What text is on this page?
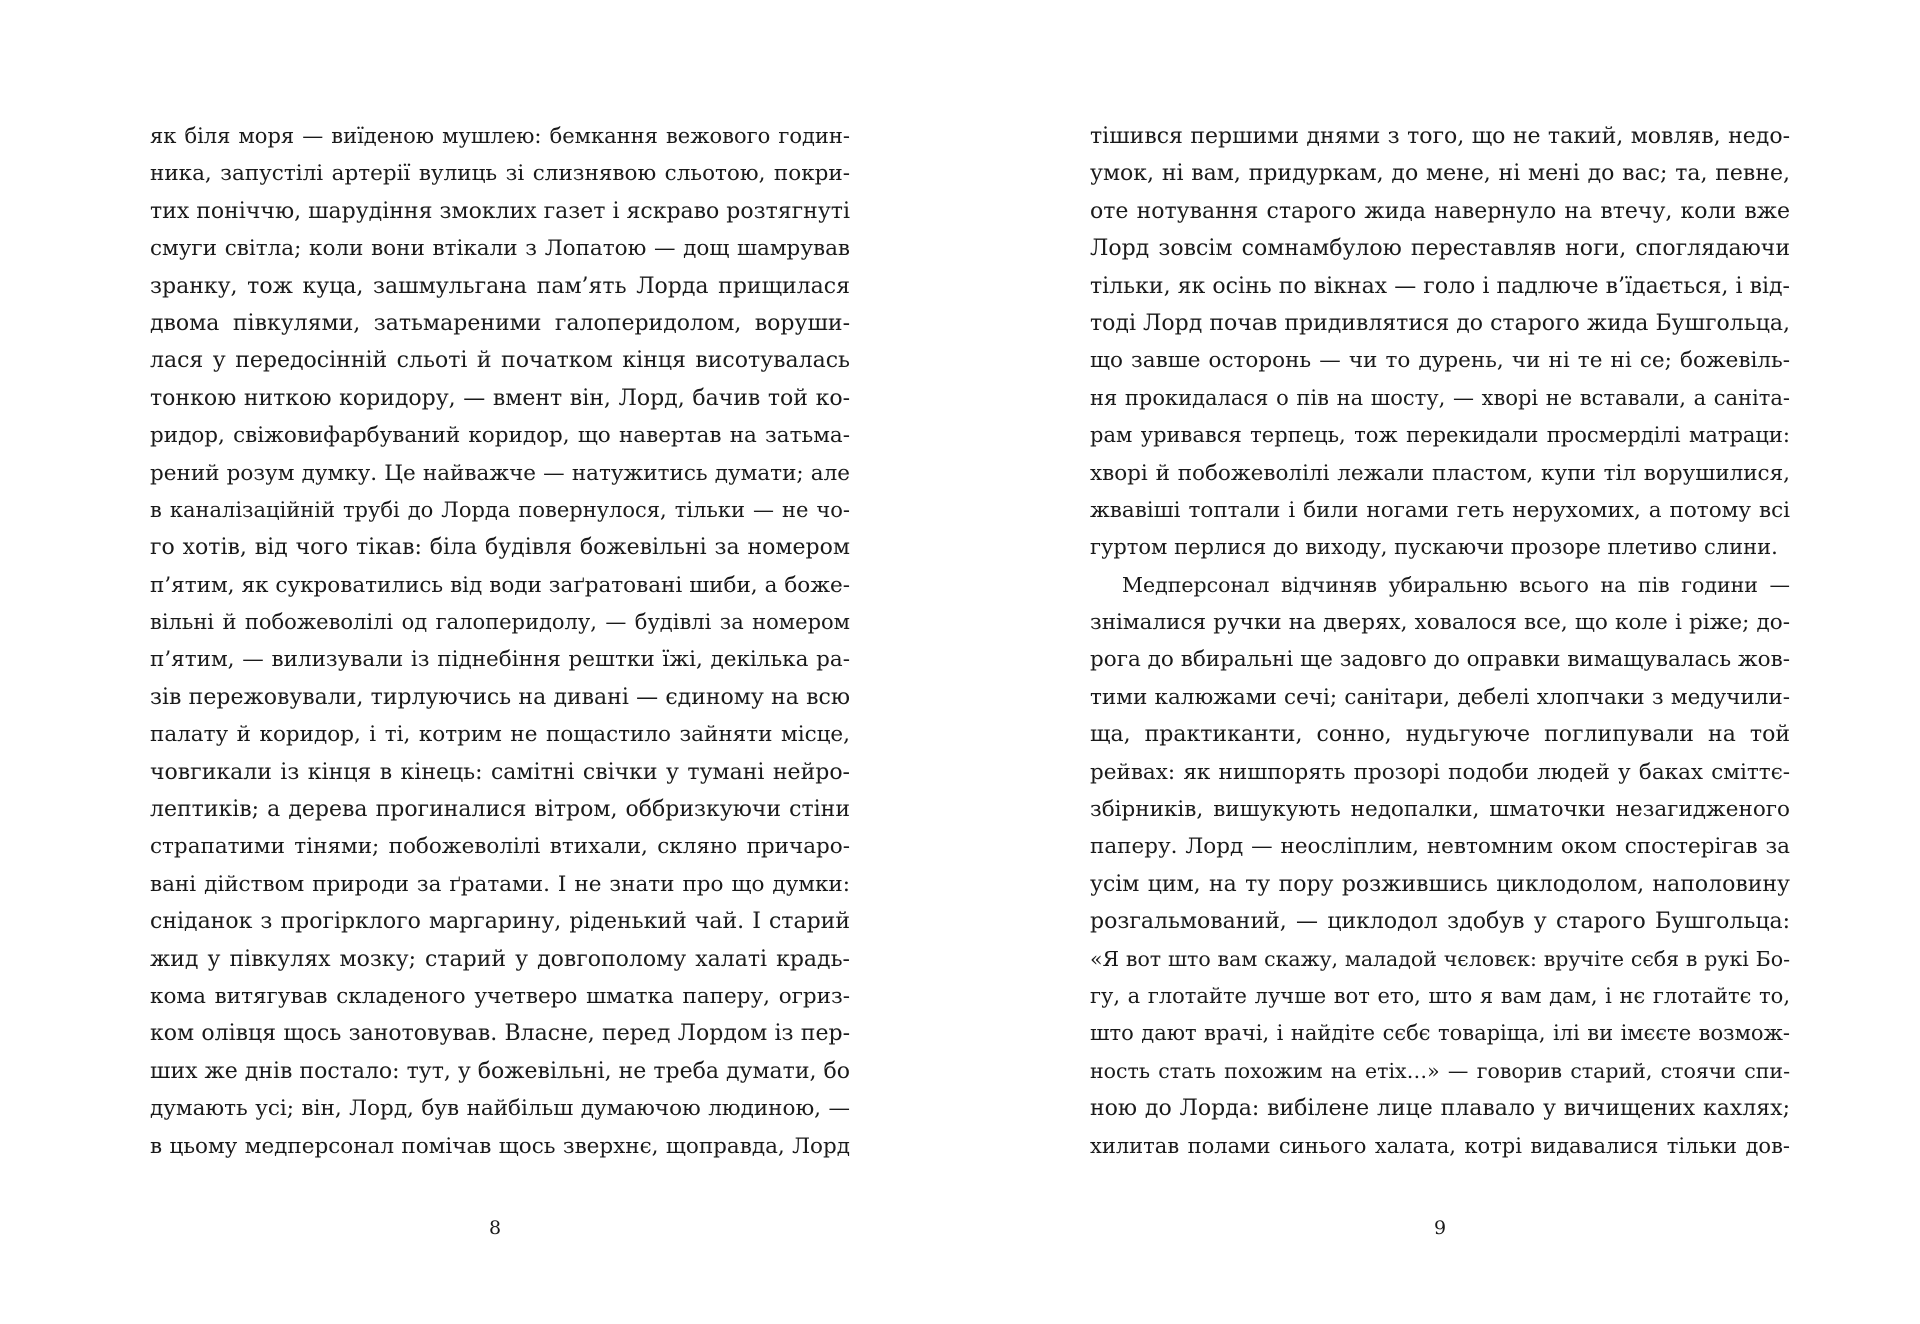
як біля моря — виїденою мушлею: бемкання вежового годин-
ника, запустілі артерії вулиць зі слизнявою сльотою, покри-
тих поніччю, шарудіння змоклих газет і яскраво розтягнуті
смуги світла; коли вони втікали з Лопатою — дощ шамрував
зранку, тож куца, зашмульгана пам’ять Лорда прищилася
двома півкулями, затьмареними галоперидолом, воруши-
лася у передосінній сльоті й початком кінця висотувалась
тонкою ниткою коридору, — вмент він, Лорд, бачив той ко-
ридор, свіжовифарбуваний коридор, що навертав на затьма-
рений розум думку. Це найважче — натужитись думати; але
в каналізаційній трубі до Лорда повернулося, тільки — не чо-
го хотів, від чого тікав: біла будівля божевільні за номером
п’ятим, як сукроватились від води заґратовані шиби, а боже-
вільні й побожеволілі од галоперидолу, — будівлі за номером
п’ятим, — вилизували із піднебіння рештки їжі, декілька ра-
зів пережовували, тирлуючись на дивані — єдиному на всю
палату й коридор, і ті, котрим не пощастило зайняти місце,
човгикали із кінця в кінець: самітні свічки у тумані нейро-
лептиків; а дерева прогиналися вітром, оббризкуючи стіни
страпатими тінями; побожеволілі втихали, скляно причаро-
вані дійством природи за ґратами. І не знати про що думки:
сніданок з прогірклого маргарину, ріденький чай. І старий
жид у півкулях мозку; старий у довгополому халаті крадь-
кома витягував складеного учетверо шматка паперу, огриз-
ком олівця щось занотовував. Власне, перед Лордом із пер-
ших же днів постало: тут, у божевільні, не треба думати, бо
думають усі; він, Лорд, був найбільш думаючою людиною, —
в цьому медперсонал помічав щось зверхнє, щоправда, Лорд
8
тішився першими днями з того, що не такий, мовляв, недо-
умок, ні вам, придуркам, до мене, ні мені до вас; та, певне,
оте нотування старого жида навернуло на втечу, коли вже
Лорд зовсім сомнамбулою переставляв ноги, споглядаючи
тільки, як осінь по вікнах — голо і падлюче в’їдається, і від-
тоді Лорд почав придивлятися до старого жида Бушгольца,
що завше осторонь — чи то дурень, чи ні те ні се; божевіль-
ня прокидалася о пів на шосту, — хворі не вставали, а саніта-
рам уривався терпець, тож перекидали просмерділі матраци:
хворі й побожеволілі лежали пластом, купи тіл ворушилися,
жвавіші топтали і били ногами геть нерухомих, а потому всі
гуртом перлися до виходу, пускаючи прозоре плетиво слини.
Медперсонал відчиняв убиральню всього на пів години —
знімалися ручки на дверях, ховалося все, що коле і ріже; до-
рога до вбиральні ще задовго до оправки вимащувалась жов-
тими калюжами сечі; санітари, дебелі хлопчаки з медучили-
ща, практиканти, сонно, нудьгуюче поглипували на той
рейвах: як нишпорять прозорі подоби людей у баках сміттє-
збірників, вишукують недопалки, шматочки незагидженого
паперу. Лорд — неосліплим, невтомним оком спостерігав за
усім цим, на ту пору розжившись циклодолом, наполовину
розгальмований, — циклодол здобув у старого Бушгольца:
«Я вот што вам скажу, маладой чєловєк: вручіте сєбя в рукі Бо-
гу, а глотайте лучше вот ето, што я вам дам, і нє глотайтє то,
што дают врачі, і найдіте сєбє товаріща, ілі ви імєєте возмож-
ность стать похожим на етіх…» — говорив старий, стоячи спи-
ною до Лорда: вибілене лице плавало у вичищених кахлях;
хилитав полами синього халата, котрі видавалися тільки дов-
9
